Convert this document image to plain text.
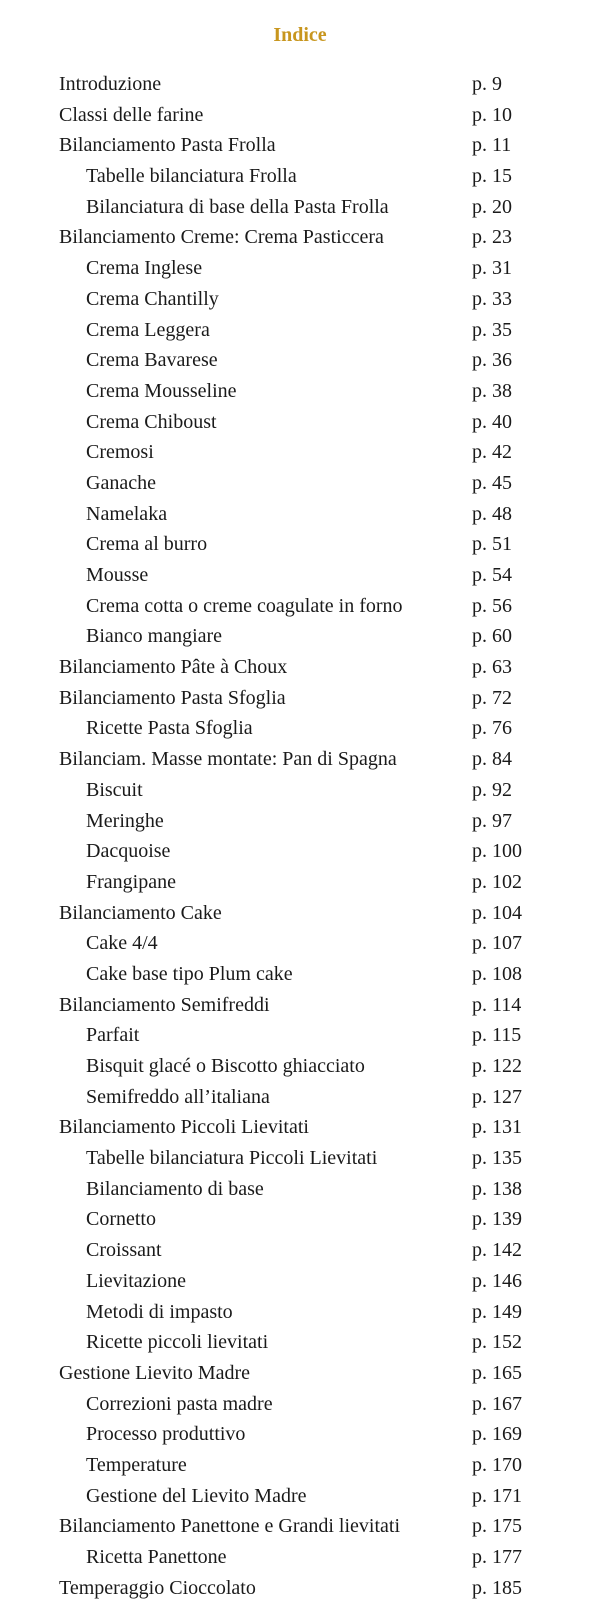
Indice
Introduzione	p. 9
Classi delle farine	p. 10
Bilanciamento Pasta Frolla	p. 11
Tabelle bilanciatura Frolla	p. 15
Bilanciatura di base della Pasta Frolla	p. 20
Bilanciamento Creme: Crema Pasticcera	p. 23
Crema Inglese	p. 31
Crema Chantilly	p. 33
Crema Leggera	p. 35
Crema Bavarese	p. 36
Crema Mousseline	p. 38
Crema Chiboust	p. 40
Cremosi	p. 42
Ganache	p. 45
Namelaka	p. 48
Crema al burro	p. 51
Mousse	p. 54
Crema cotta o creme coagulate in forno	p. 56
Bianco mangiare	p. 60
Bilanciamento Pâte à Choux	p. 63
Bilanciamento Pasta Sfoglia	p. 72
Ricette Pasta Sfoglia	p. 76
Bilanciam. Masse montate: Pan di Spagna	p. 84
Biscuit	p. 92
Meringhe	p. 97
Dacquoise	p. 100
Frangipane	p. 102
Bilanciamento Cake	p. 104
Cake 4/4	p. 107
Cake base tipo Plum cake	p. 108
Bilanciamento Semifreddi	p. 114
Parfait	p. 115
Bisquit glacé o Biscotto ghiacciato	p. 122
Semifreddo all’italiana	p. 127
Bilanciamento Piccoli Lievitati	p. 131
Tabelle bilanciatura Piccoli Lievitati	p. 135
Bilanciamento di base	p. 138
Cornetto	p. 139
Croissant	p. 142
Lievitazione	p. 146
Metodi di impasto	p. 149
Ricette piccoli lievitati	p. 152
Gestione Lievito Madre	p. 165
Correzioni pasta madre	p. 167
Processo produttivo	p. 169
Temperature	p. 170
Gestione del Lievito Madre	p. 171
Bilanciamento Panettone e Grandi lievitati	p. 175
Ricetta Panettone	p. 177
Temperaggio Cioccolato	p. 185
